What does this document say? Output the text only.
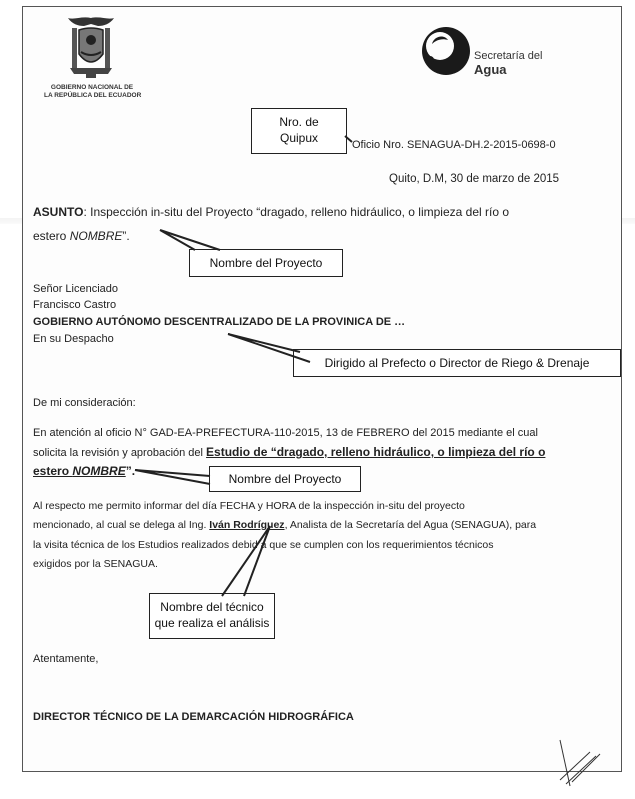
GOBIERNO NACIONAL DE
LA REPÚBLICA DEL ECUADOR
Secretaría del
Agua
Nro. de
Quipux	Oficio Nro. SENAGUA-DH.2-2015-0698-0
Quito, D.M, 30 de marzo de 2015
ASUNTO: Inspección in-situ del Proyecto “dragado, relleno hidráulico, o limpieza del río o
estero NOMBRE”.
Nombre del Proyecto
Señor Licenciado
Francisco Castro
GOBIERNO AUTÓNOMO DESCENTRALIZADO DE LA PROVINICA DE …
En su Despacho
Dirigido al Prefecto o Director de Riego & Drenaje
De mi consideración:
En atención al oficio N° GAD-EA-PREFECTURA-110-2015, 13 de FEBRERO del 2015 mediante el cual
solicita la revisión y aprobación del Estudio de “dragado, relleno hidráulico, o limpieza del río o
estero NOMBRE”.
Nombre del Proyecto
Al respecto me permito informar del día FECHA y HORA de la inspección in-situ del proyecto
mencionado, al cual se delega al Ing. Iván Rodríguez, Analista de la Secretaría del Agua (SENAGUA), para
la visita técnica de los Estudios realizados debid a que se cumplen con los requerimientos técnicos
exigidos por la SENAGUA.
Nombre del técnico
que realiza el análisis
Atentamente,
DIRECTOR TÉCNICO DE LA DEMARCACIÓN HIDROGRÁFICA
